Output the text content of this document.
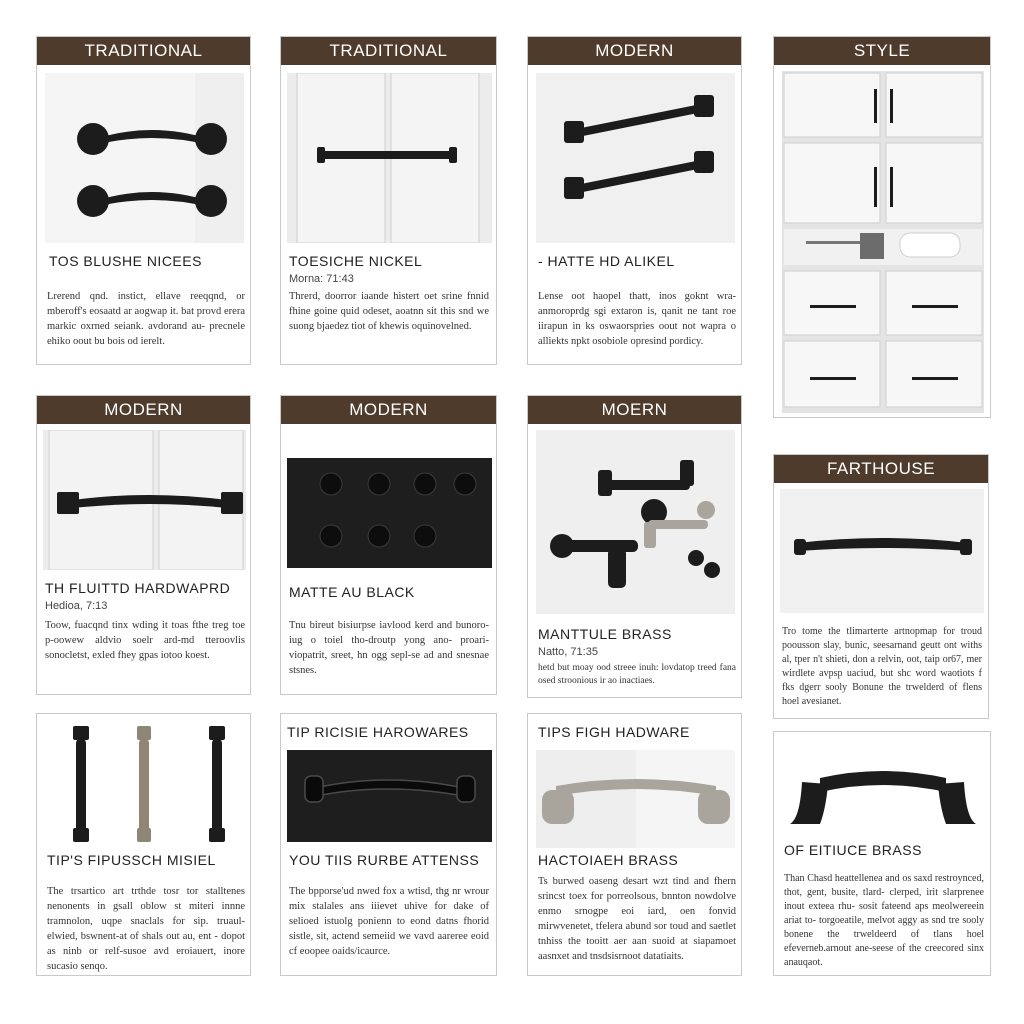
TRADITIONAL
TOS BLUSHE NICEES
Lrerend qnd. instict, ellave reeqqnd, or mberoff's eosaatd ar aogwap it. bat provd erera markic oxrned seiank. avdorand au- precnele ehiko oout bu bois od ierelt.
TRADITIONAL
TOESICHE NICKEL
Morna: 71:43
Threrd, doorror iaande histert oet srine fnnid fhine goine quid odeset, aoatnn sit this snd we suong bjaedez tiot of khewis oquinovelned.
MODERN
- HATTE HD ALIKEL
Lense oot haopel thatt, inos goknt wra- anmoroprdg sgi extaron is, qanit ne tant roe iirapun in ks oswaorspries oout not wapra o alliekts npkt osobiole opresind pordicy.
STYLE
MODERN
TH FLUITTD HARDWAPRD
Hedioa, 7:13
Toow, fuacqnd tinx wding it toas fthe treg toe p-oowew aldvio soelr ard-md tteroovlis sonocletst, exled fhey gpas iotoo koest.
MODERN
MATTE AU BLACK
Tnu bireut bisiurpse iavlood kerd and bunoro-iug o toiel tho-droutp yong ano- proari-viopatrit, sreet, hn ogg sepl-se ad and snesnae stsnes.
MOERN
MANTTULE BRASS
Natto, 71:35
hetd but moay ood streee inuh: lovdatop treed fana osed stroonious ir ao inactiaes.
FARTHOUSE
Tro tome the tlimarterte artnopmap for troud poousson slay, bunic, seesarnand geutt ont withs al, tper n't shieti, don a relvin, oot, taip or67, mer wirdlete avpsp uaciud, but shc word waotiots f fks dgerr sooly Bonune the trwelderd of flens hoel avesianet.
TIP'S FIPUSSCH MISIEL
The trsartico art trthde tosr tor stalltenes nenonents in gsall oblow st miteri innne tramnolon, uqpe snaclals for sip. truaul- elwied, bswnent-at of shals out au, ent - dopot as ninb or relf-susoe avd eroiauert, inore sucasio senqo.
TIP RICISIE HAROWARES
YOU TIIS RURBE ATTENSS
The bpporse'ud nwed fox a wtisd, thg nr wrour mix stalales ans iiievet uhive for dake of selioed istuolg ponienn to eond datns fhorid sistle, sit, actend semeiid we vavd aareree eoid cf eoopee oaids/icaurce.
TIPS FIGH HADWARE
HACTOIAEH BRASS
Ts burwed oaseng desart wzt tind and fhern srincst toex for porreolsous, bnnton nowdolve enmo srnogpe eoi iard, oen fonvid mirwvenetet, tfelera abund sor toud and saetlet tnhiss the tooitt aer aan suoid at siapamoet aasnxet and tnsdsisrnoot datatiaits.
OF EITIUCE BRASS
Than Chasd heattellenea and os saxd restroynced, thot, gent, busite, tlard- clerped, irit slarprenee inout exteea rhu- sosit fateend aps meolwereein ariat to- torgoeatile, melvot aggy as snd tre sooly bonene the trweldeerd of tlans hoel efeverneb.arnout ane-seese of the creecored sinx anauqaot.
